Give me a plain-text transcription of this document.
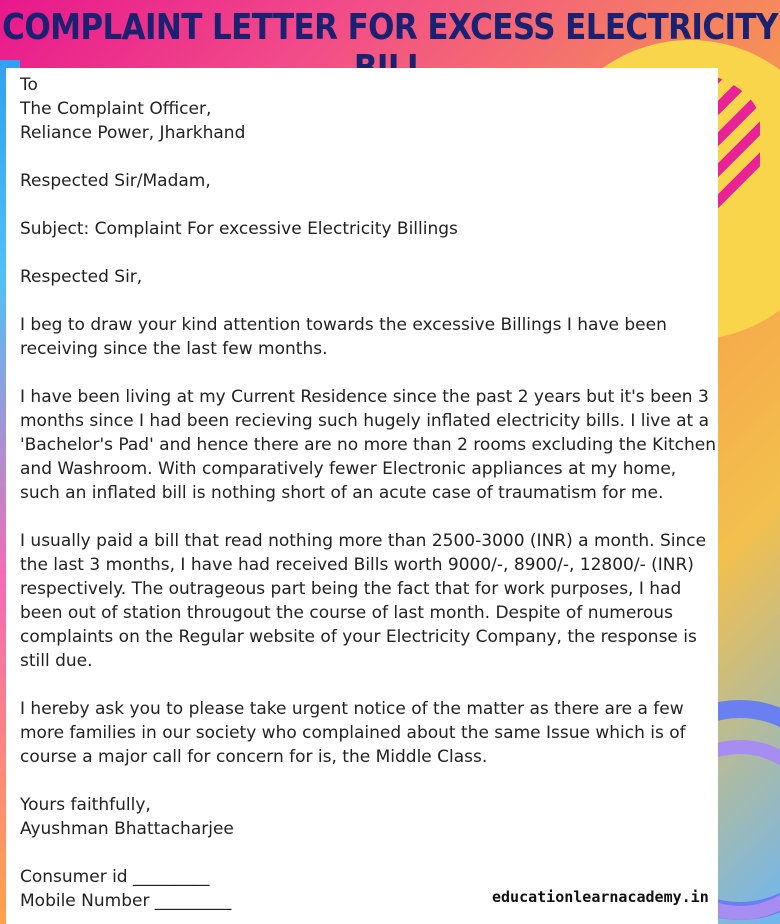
COMPLAINT LETTER FOR EXCESS ELECTRICITY

To

The Complaint Officer,

Reliance Power, Jharkhand

Respected Sir/Madam,

Subject: Complaint For excessive Electricity Billings

Respected Sir,

I beg to draw your kind attention towards the excessive Billings I have been receiving since the last few months.

I have been living at my Current Residence since the past 2 years but it's been 3 months since I had been recieving such hugely inflated electricity bills. I live at a 'Bachelor's Pad' and hence there are no more than 2 rooms excluding the Kitchen and Washroom. With comparatively fewer Electronic appliances at my home, such an inflated bill is nothing short of an acute case of traumatism for me.

I usually paid a bill that read nothing more than 2500-3000 (INR) a month. Since the last 3 months, I have had received Bills worth 9000/-, 8900/-, 12800/- (INR) respectively. The outrageous part being the fact that for work purposes, I had been out of station througout the course of last month. Despite of numerous complaints on the Regular website of your Electricity Company, the response is still due.

I hereby ask you to please take urgent notice of the matter as there are a few more families in our society who complained about the same Issue which is of course a major call for concern for is, the Middle Class.

Yours faithfully,

Ayushman Bhattacharjee

Consumer id _________

Mobile Number _________	educationlearnacademy.in
